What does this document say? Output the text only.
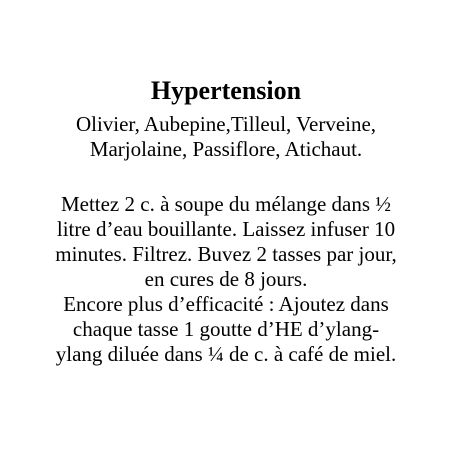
Hypertension

Olivier, Aubepine,Tilleul, Verveine,

Marjolaine, Passiflore, Atichaut.

Mettez 2 c. à soupe du mélange dans ½

litre d’eau bouillante. Laissez infuser 10

minutes. Filtrez. Buvez 2 tasses par jour,

en cures de 8 jours.

Encore plus d’efficacité : Ajoutez dans

chaque tasse 1 goutte d’HE d’ylang-

ylang diluée dans ¼ de c. à café de miel.
